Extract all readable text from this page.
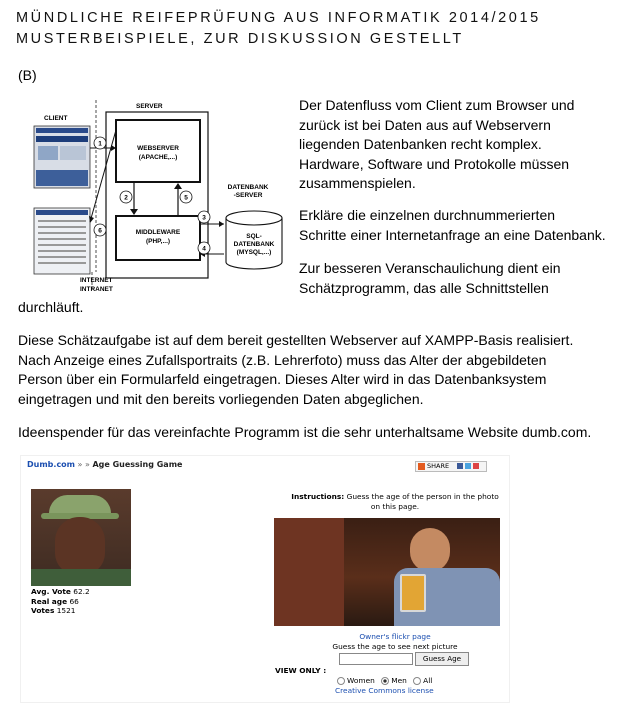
MÜNDLICHE REIFEPRÜFUNG AUS INFORMATIK 2014/2015
MUSTERBEISPIELE, ZUR DISKUSSION GESTELLT
(B)
CLIENT
SERVER
WEBSERVER
(APACHE,...)
MIDDLEWARE
(PHP,...)
1
2
3
4
5
6
DATENBANK
-SERVER
SQL-
DATENBANK
(MYSQL,...)
INTERNET
INTRANET
Der Datenfluss vom Client zum Browser und
zurück ist bei Daten aus auf Webservern
liegenden Datenbanken recht komplex.
Hardware, Software und Protokolle müssen
zusammenspielen.
Erkläre die einzelnen durchnummerierten
Schritte einer Internetanfrage an eine Datenbank.
Zur besseren Veranschaulichung dient ein
Schätzprogramm, das alle Schnittstellen
durchläuft.
Diese Schätzaufgabe ist auf dem bereit gestellten Webserver auf XAMPP-Basis realisiert.
Nach Anzeige eines Zufallsportraits (z.B. Lehrerfoto) muss das Alter der abgebildeten
Person über ein Formularfeld eingetragen. Dieses Alter wird in das Datenbanksystem
eingetragen und mit den bereits vorliegenden Daten abgeglichen.
Ideenspender für das vereinfachte Programm ist die sehr unterhaltsame Website dumb.com.
Dumb.com » » Age Guessing Game	SHARE
Avg. Vote 62.2
Real age 66
Votes 1521
Instructions: Guess the age of the person in the photo
on this page.
Owner's flickr page
Guess the age to see next picture
Guess Age
VIEW ONLY :
Women Men All
Creative Commons license
